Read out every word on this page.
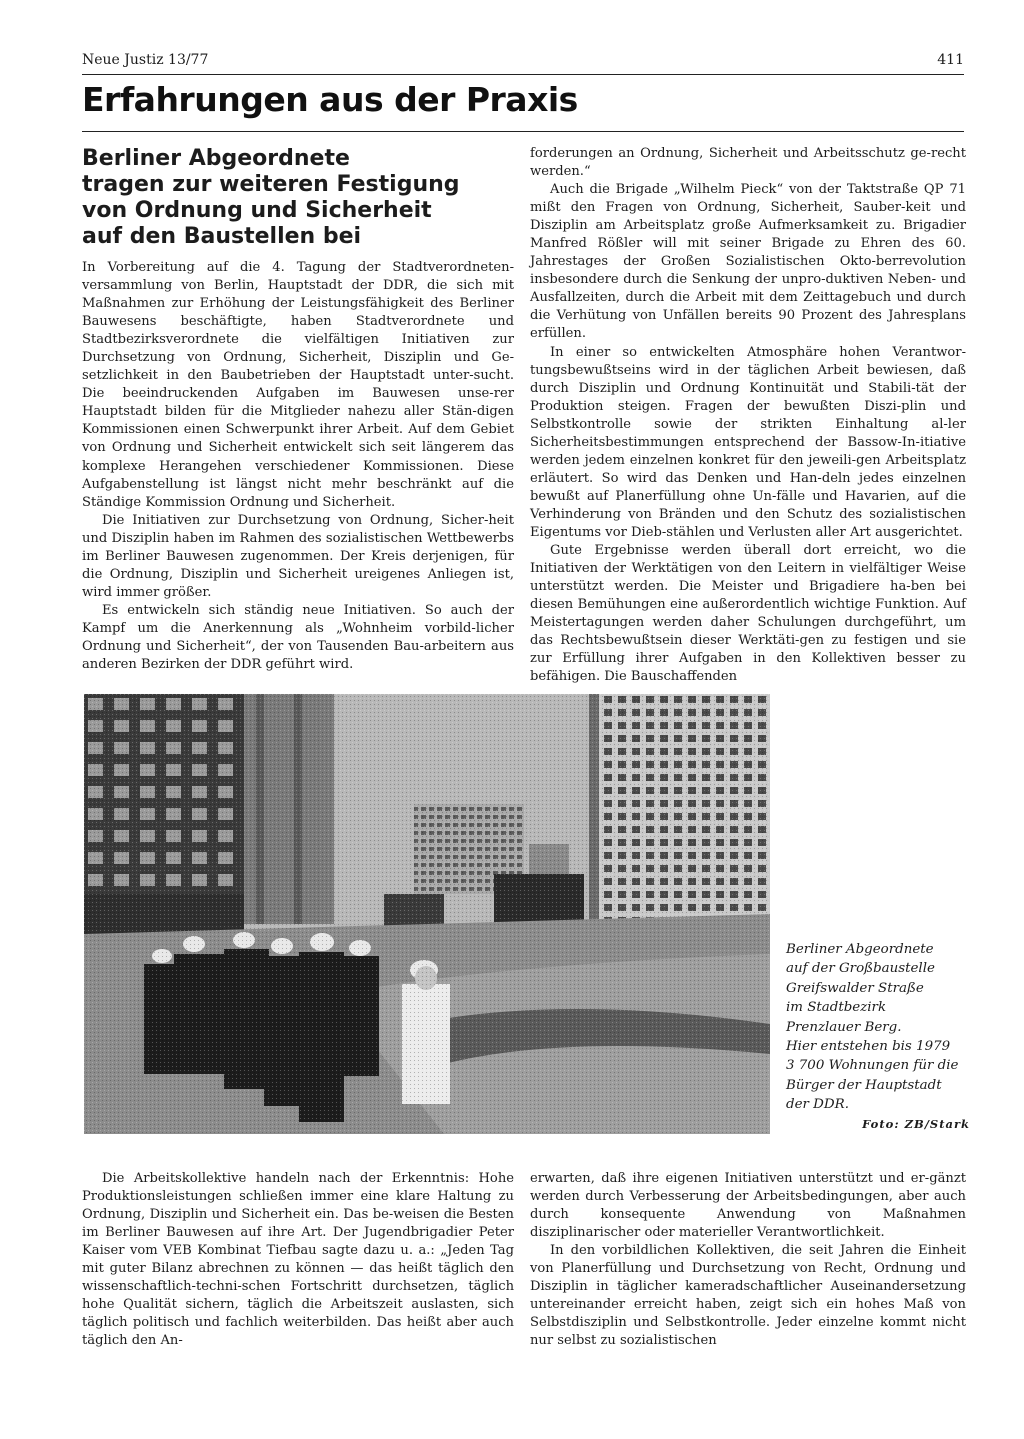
Neue Justiz 13/77	411
Erfahrungen aus der Praxis
Berliner Abgeordnete
tragen zur weiteren Festigung
von Ordnung und Sicherheit
auf den Baustellen bei

In Vorbereitung auf die 4. Tagung der Stadtverordneten-versammlung von Berlin, Hauptstadt der DDR, die sich mit Maßnahmen zur Erhöhung der Leistungsfähigkeit des Berliner Bauwesens beschäftigte, haben Stadtverordnete und Stadtbezirksverordnete die vielfältigen Initiativen zur Durchsetzung von Ordnung, Sicherheit, Disziplin und Ge-setzlichkeit in den Baubetrieben der Hauptstadt unter-sucht. Die beeindruckenden Aufgaben im Bauwesen unse-rer Hauptstadt bilden für die Mitglieder nahezu aller Stän-digen Kommissionen einen Schwerpunkt ihrer Arbeit. Auf dem Gebiet von Ordnung und Sicherheit entwickelt sich seit längerem das komplexe Herangehen verschiedener Kommissionen. Diese Aufgabenstellung ist längst nicht mehr beschränkt auf die Ständige Kommission Ordnung und Sicherheit.

Die Initiativen zur Durchsetzung von Ordnung, Sicher-heit und Disziplin haben im Rahmen des sozialistischen Wettbewerbs im Berliner Bauwesen zugenommen. Der Kreis derjenigen, für die Ordnung, Disziplin und Sicherheit ureigenes Anliegen ist, wird immer größer.

Es entwickeln sich ständig neue Initiativen. So auch der Kampf um die Anerkennung als „Wohnheim vorbild-licher Ordnung und Sicherheit“, der von Tausenden Bau-arbeitern aus anderen Bezirken der DDR geführt wird.

forderungen an Ordnung, Sicherheit und Arbeitsschutz ge-recht werden.“

Auch die Brigade „Wilhelm Pieck“ von der Taktstraße QP 71 mißt den Fragen von Ordnung, Sicherheit, Sauber-keit und Disziplin am Arbeitsplatz große Aufmerksamkeit zu. Brigadier Manfred Rößler will mit seiner Brigade zu Ehren des 60. Jahrestages der Großen Sozialistischen Okto-berrevolution insbesondere durch die Senkung der unpro-duktiven Neben- und Ausfallzeiten, durch die Arbeit mit dem Zeittagebuch und durch die Verhütung von Unfällen bereits 90 Prozent des Jahresplans erfüllen.

In einer so entwickelten Atmosphäre hohen Verantwor-tungsbewußtseins wird in der täglichen Arbeit bewiesen, daß durch Disziplin und Ordnung Kontinuität und Stabili-tät der Produktion steigen. Fragen der bewußten Diszi-plin und Selbstkontrolle sowie der strikten Einhaltung al-ler Sicherheitsbestimmungen entsprechend der Bassow-In-itiative werden jedem einzelnen konkret für den jeweili-gen Arbeitsplatz erläutert. So wird das Denken und Han-deln jedes einzelnen bewußt auf Planerfüllung ohne Un-fälle und Havarien, auf die Verhinderung von Bränden und den Schutz des sozialistischen Eigentums vor Dieb-stählen und Verlusten aller Art ausgerichtet.

Gute Ergebnisse werden überall dort erreicht, wo die Initiativen der Werktätigen von den Leitern in vielfältiger Weise unterstützt werden. Die Meister und Brigadiere ha-ben bei diesen Bemühungen eine außerordentlich wichtige Funktion. Auf Meistertagungen werden daher Schulungen durchgeführt, um das Rechtsbewußtsein dieser Werktäti-gen zu festigen und sie zur Erfüllung ihrer Aufgaben in den Kollektiven besser zu befähigen. Die Bauschaffenden

Berliner Abgeordnete
auf der Großbaustelle
Greifswalder Straße
im Stadtbezirk
Prenzlauer Berg.
Hier entstehen bis 1979
3 700 Wohnungen für die
Bürger der Hauptstadt
der DDR.
Foto: ZB/Stark

Die Arbeitskollektive handeln nach der Erkenntnis: Hohe Produktionsleistungen schließen immer eine klare Haltung zu Ordnung, Disziplin und Sicherheit ein. Das be-weisen die Besten im Berliner Bauwesen auf ihre Art. Der Jugendbrigadier Peter Kaiser vom VEB Kombinat Tiefbau sagte dazu u. a.: „Jeden Tag mit guter Bilanz abrechnen zu können — das heißt täglich den wissenschaftlich-techni-schen Fortschritt durchsetzen, täglich hohe Qualität sichern, täglich die Arbeitszeit auslasten, sich täglich politisch und fachlich weiterbilden. Das heißt aber auch täglich den An-

erwarten, daß ihre eigenen Initiativen unterstützt und er-gänzt werden durch Verbesserung der Arbeitsbedingungen, aber auch durch konsequente Anwendung von Maßnahmen disziplinarischer oder materieller Verantwortlichkeit.

In den vorbildlichen Kollektiven, die seit Jahren die Einheit von Planerfüllung und Durchsetzung von Recht, Ordnung und Disziplin in täglicher kameradschaftlicher Auseinandersetzung untereinander erreicht haben, zeigt sich ein hohes Maß von Selbstdisziplin und Selbstkontrolle. Jeder einzelne kommt nicht nur selbst zu sozialistischen
